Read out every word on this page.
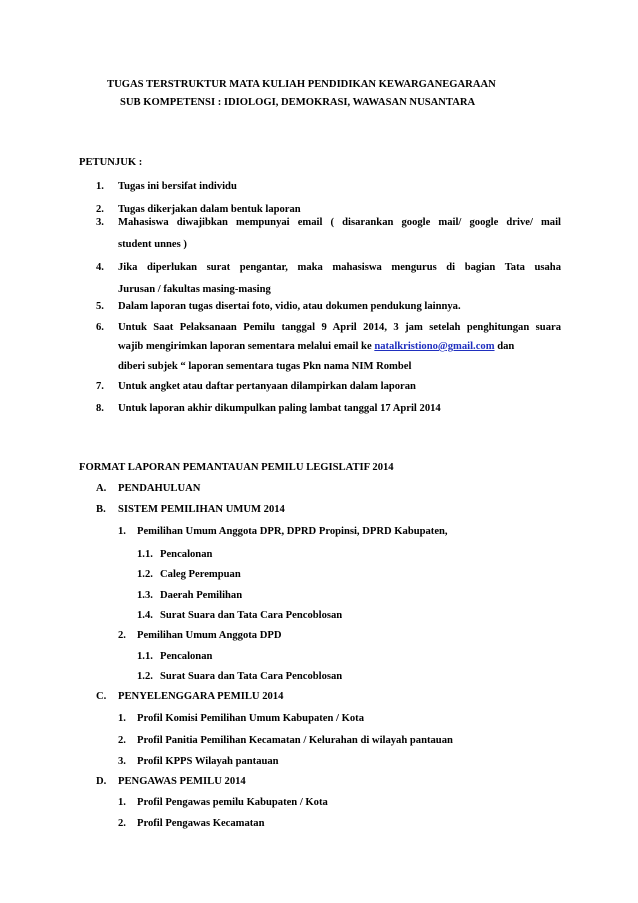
TUGAS TERSTRUKTUR MATA KULIAH PENDIDIKAN KEWARGANEGARAAN
SUB KOMPETENSI : IDIOLOGI, DEMOKRASI, WAWASAN NUSANTARA
PETUNJUK :
1. Tugas ini bersifat individu
2. Tugas dikerjakan dalam bentuk laporan
3. Mahasiswa diwajibkan mempunyai email ( disarankan google mail/ google drive/ mail
student unnes )
4. Jika diperlukan surat pengantar, maka mahasiswa mengurus di bagian Tata usaha
Jurusan / fakultas masing-masing
5. Dalam laporan tugas disertai foto, vidio, atau dokumen pendukung lainnya.
6. Untuk Saat Pelaksanaan Pemilu tanggal 9 April 2014, 3 jam setelah penghitungan suara
wajib mengirimkan laporan sementara melalui email ke natalkristiono@gmail.com dan
diberi subjek “ laporan sementara tugas Pkn nama NIM Rombel
7. Untuk angket atau daftar pertanyaan dilampirkan dalam laporan
8. Untuk laporan akhir dikumpulkan paling lambat tanggal 17 April 2014
FORMAT LAPORAN PEMANTAUAN PEMILU LEGISLATIF 2014
A. PENDAHULUAN
B. SISTEM PEMILIHAN UMUM 2014
1. Pemilihan Umum Anggota DPR, DPRD Propinsi, DPRD Kabupaten,
1.1. Pencalonan
1.2. Caleg Perempuan
1.3. Daerah Pemilihan
1.4. Surat Suara dan Tata Cara Pencoblosan
2. Pemilihan Umum Anggota DPD
1.1. Pencalonan
1.2. Surat Suara dan Tata Cara Pencoblosan
C. PENYELENGGARA PEMILU 2014
1. Profil Komisi Pemilihan Umum Kabupaten / Kota
2. Profil Panitia Pemilihan Kecamatan / Kelurahan di wilayah pantauan
3. Profil KPPS Wilayah pantauan
D. PENGAWAS PEMILU 2014
1. Profil Pengawas pemilu Kabupaten / Kota
2. Profil Pengawas Kecamatan
